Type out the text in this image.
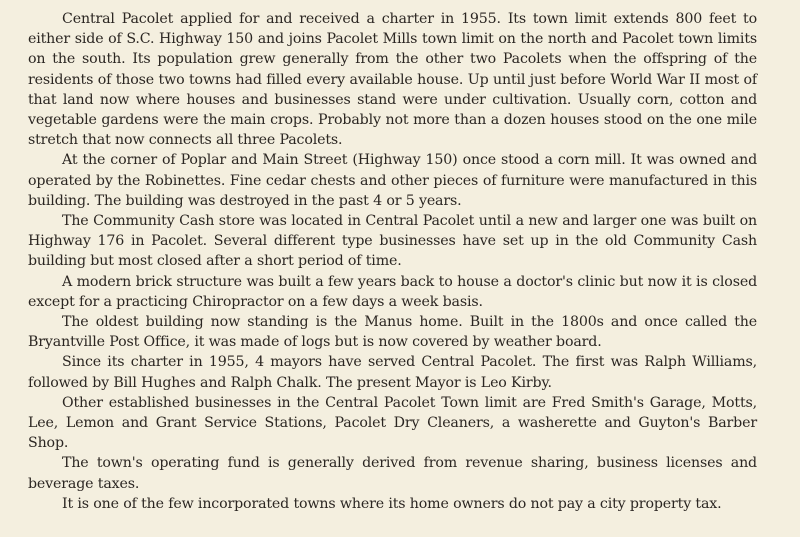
Central Pacolet applied for and received a charter in 1955. Its town limit extends 800 feet to either side of S.C. Highway 150 and joins Pacolet Mills town limit on the north and Pacolet town limits on the south. Its population grew generally from the other two Pacolets when the offspring of the residents of those two towns had filled every available house. Up until just before World War II most of that land now where houses and businesses stand were under cultivation. Usually corn, cotton and vegetable gardens were the main crops. Probably not more than a dozen houses stood on the one mile stretch that now connects all three Pacolets.

At the corner of Poplar and Main Street (Highway 150) once stood a corn mill. It was owned and operated by the Robinettes. Fine cedar chests and other pieces of furniture were manufactured in this building. The building was destroyed in the past 4 or 5 years.

The Community Cash store was located in Central Pacolet until a new and larger one was built on Highway 176 in Pacolet. Several different type businesses have set up in the old Community Cash building but most closed after a short period of time.

A modern brick structure was built a few years back to house a doctor's clinic but now it is closed except for a practicing Chiropractor on a few days a week basis.

The oldest building now standing is the Manus home. Built in the 1800s and once called the Bryantville Post Office, it was made of logs but is now covered by weather board.

Since its charter in 1955, 4 mayors have served Central Pacolet. The first was Ralph Williams, followed by Bill Hughes and Ralph Chalk. The present Mayor is Leo Kirby.

Other established businesses in the Central Pacolet Town limit are Fred Smith's Garage, Motts, Lee, Lemon and Grant Service Stations, Pacolet Dry Cleaners, a washerette and Guyton's Barber Shop.

The town's operating fund is generally derived from revenue sharing, business licenses and beverage taxes.

It is one of the few incorporated towns where its home owners do not pay a city property tax.
